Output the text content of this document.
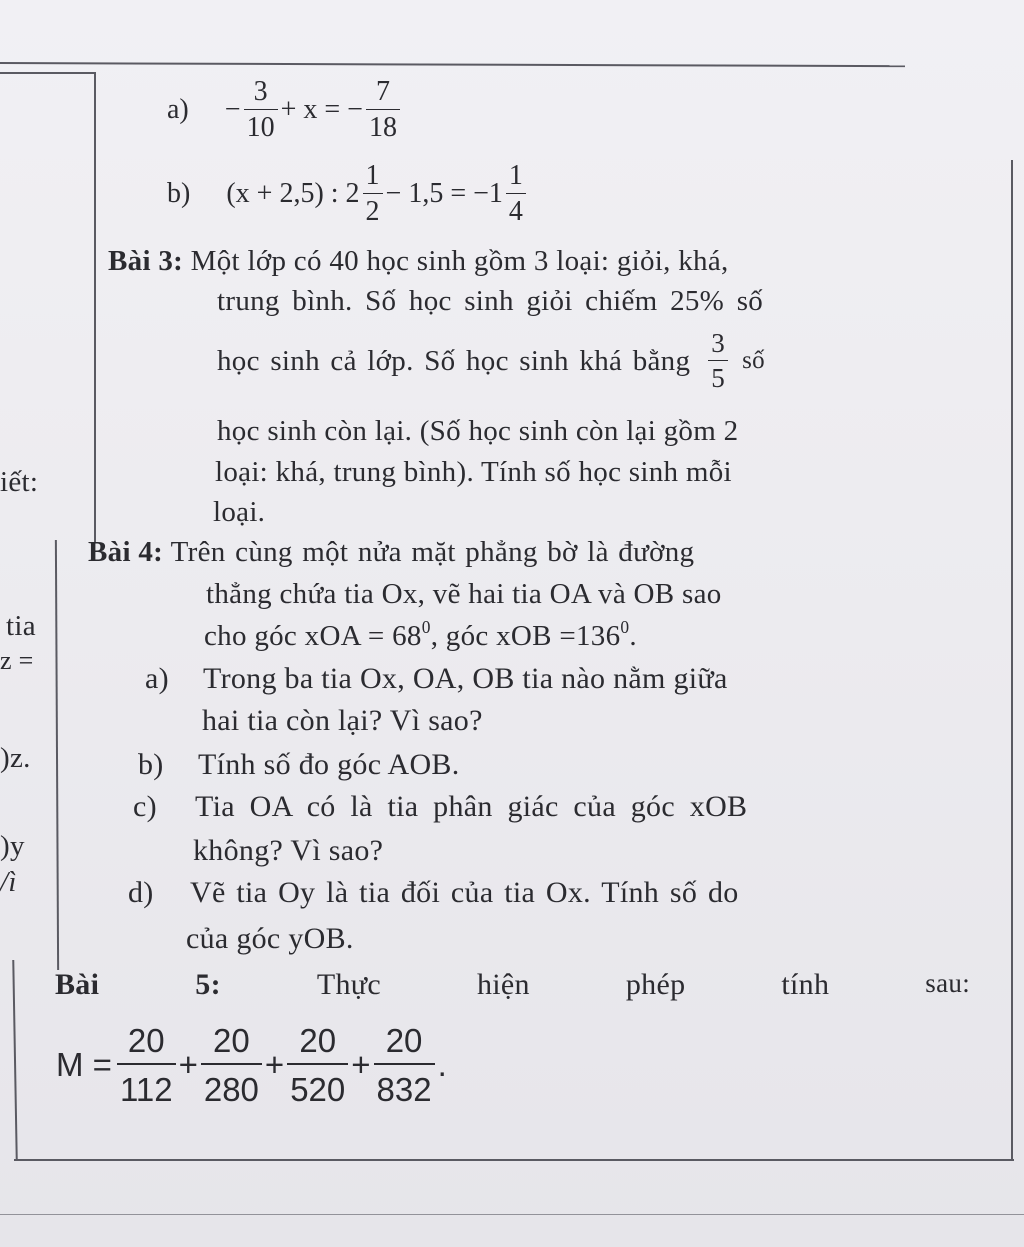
iết:
tia
z =
)z.
)y
/ì
$a) - \frac{3}{10} + x$ = − $\frac{7}{18}$
b) (x + 2,5) : $2 \frac{1}{2} - 1,5 = -1 \frac{1}{4}$
Bài 3: Một lớp có 40 học sinh gồm 3 loại: giỏi, khá,
trung bình. Số học sinh giỏi chiếm 25% số
học sinh cả lớp. Số học sinh khá bằng $\frac{3}{5}$ số
học sinh còn lại. (Số học sinh còn lại gồm 2
loại: khá, trung bình). Tính số học sinh mỗi
loại.
Bài 4: Trên cùng một nửa mặt phẳng bờ là đường
thẳng chứa tia Ox, vẽ hai tia OA và OB sao
cho góc xOA = $68^0$, góc xOB $=136^0$.
a) Trong ba tia Ox, OA, OB tia nào nằm giữa
hai tia còn lại? Vì sao?
b) Tính số đo góc AOB.
c) Tia OA có là tia phân giác của góc xOB
không? Vì sao?
d) Vẽ tia Oy là tia đối của tia Ox. Tính số do
của góc yOB.
Bài	5:	Thực	hiện	phép	tính	sau:
$M = \frac{20}{112} + \frac{20}{280} + \frac{20}{520} + \frac{20}{832}$ .
